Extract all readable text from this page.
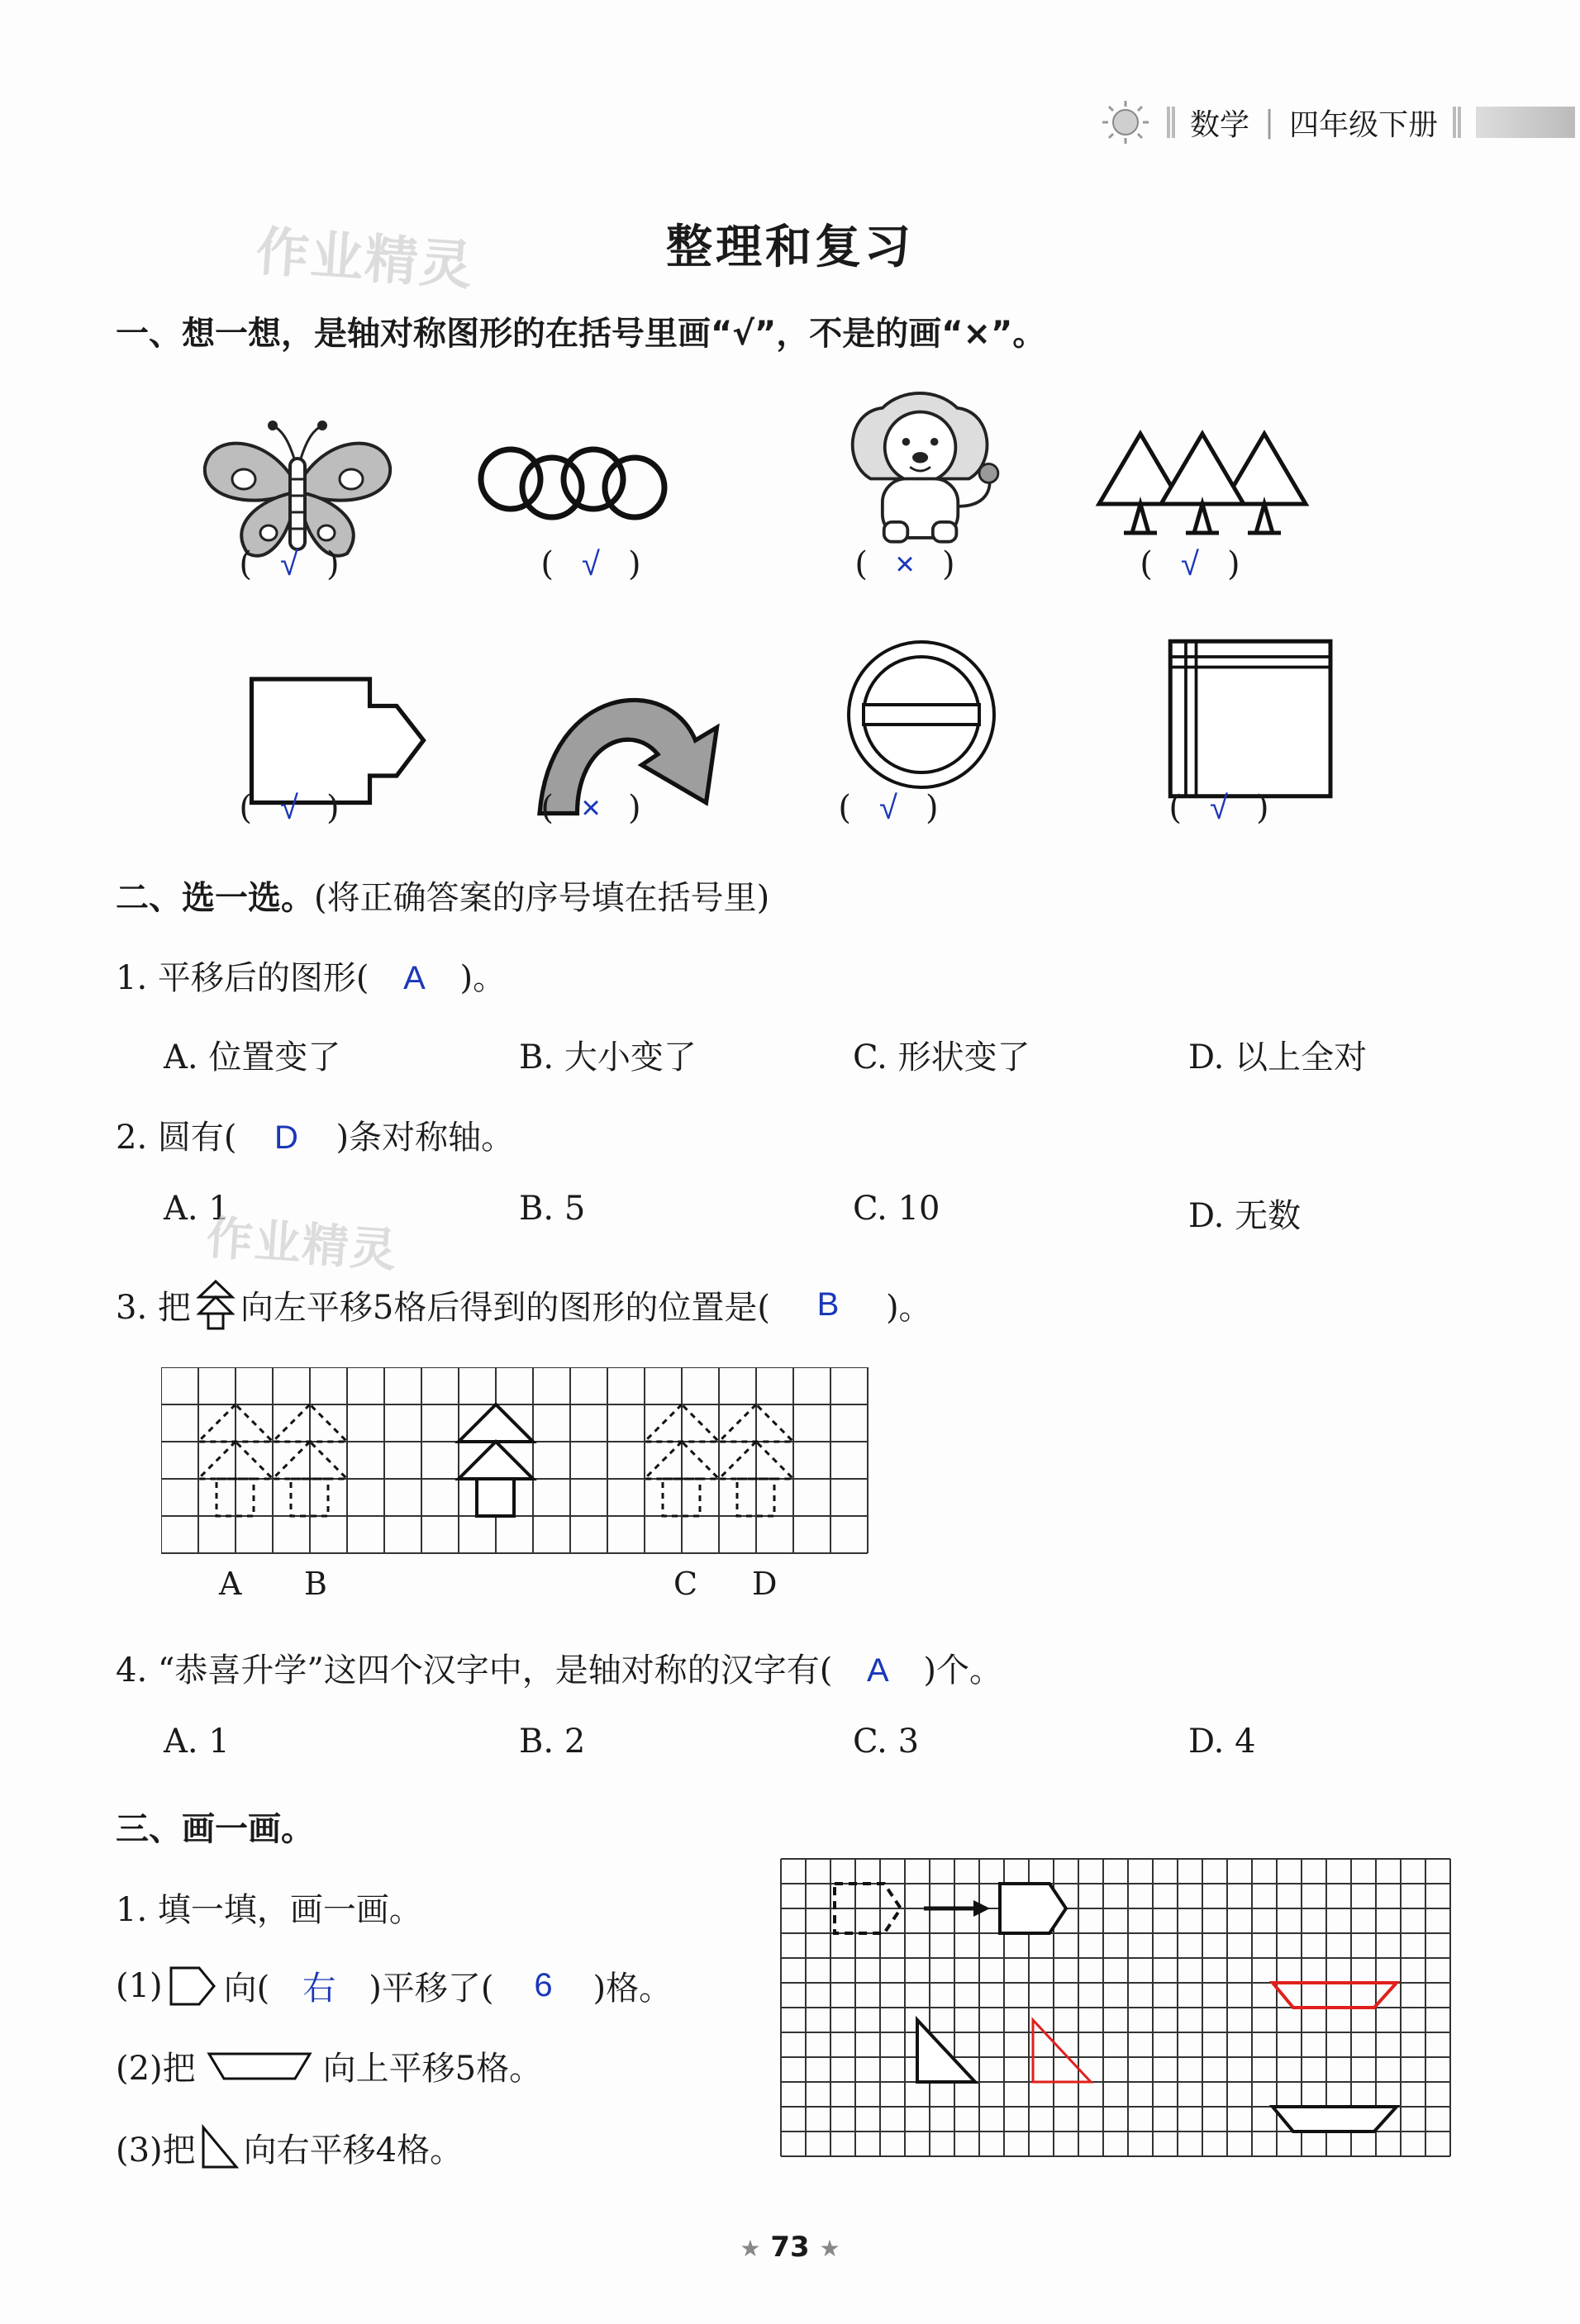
数学 | 四年级下册
作业精灵	整理和复习
一、想一想，是轴对称图形的在括号里画“√”，不是的画“×”。
( √ )	( √ )	( × )	( √ )
( √ )	( × )	( √ )	( √ )
二、选一选。(将正确答案的序号填在括号里)
1. 平移后的图形( A )。
A. 位置变了	B. 大小变了	C. 形状变了	D. 以上全对
2. 圆有( D )条对称轴。
A. 1	B. 5	C. 10	D. 无数
作业精灵
3. 把 向左平移5格后得到的图形的位置是(	B	)。
A B	C D
4. “恭喜升学”这四个汉字中，是轴对称的汉字有( A )个。
A. 1	B. 2	C. 3	D. 4
三、画一画。
1. 填一填，画一画。
(1) 向(	右	)平移了(	6	)格。
(2)把	向上平移5格。
(3)把 向右平移4格。
★ 73 ★
